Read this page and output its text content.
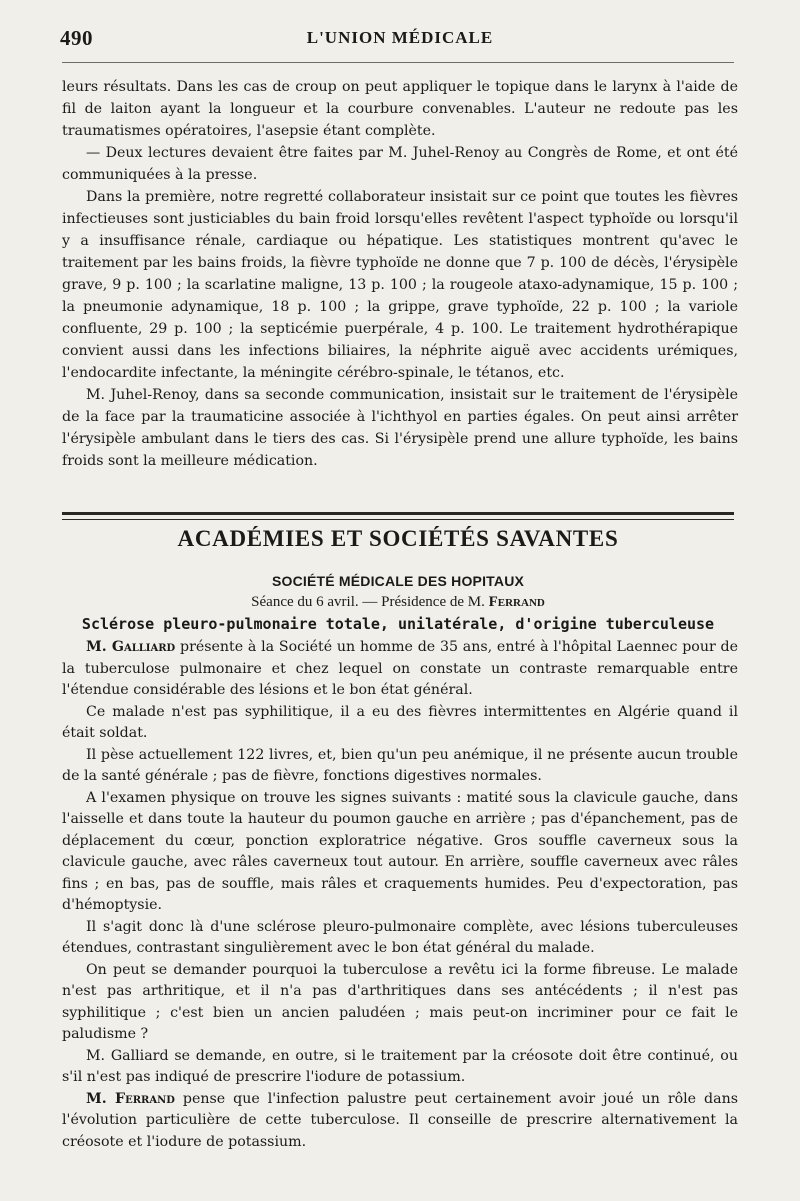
490	L'UNION MÉDICALE

leurs résultats. Dans les cas de croup on peut appliquer le topique dans le larynx à l'aide de fil de laiton ayant la longueur et la courbure convenables. L'auteur ne redoute pas les traumatismes opératoires, l'asepsie étant complète.

— Deux lectures devaient être faites par M. Juhel-Renoy au Congrès de Rome, et ont été communiquées à la presse.

Dans la première, notre regretté collaborateur insistait sur ce point que toutes les fièvres infectieuses sont justiciables du bain froid lorsqu'elles revêtent l'aspect typhoïde ou lorsqu'il y a insuffisance rénale, cardiaque ou hépatique. Les statistiques montrent qu'avec le traitement par les bains froids, la fièvre typhoïde ne donne que 7 p. 100 de décès, l'érysipèle grave, 9 p. 100 ; la scarlatine maligne, 13 p. 100 ; la rougeole ataxo-adynamique, 15 p. 100 ; la pneumonie adynamique, 18 p. 100 ; la grippe, grave typhoïde, 22 p. 100 ; la variole confluente, 29 p. 100 ; la septicémie puerpérale, 4 p. 100. Le traitement hydrothérapique convient aussi dans les infections biliaires, la néphrite aiguë avec accidents urémiques, l'endocardite infectante, la méningite cérébro-spinale, le tétanos, etc.

M. Juhel-Renoy, dans sa seconde communication, insistait sur le traitement de l'érysipèle de la face par la traumaticine associée à l'ichthyol en parties égales. On peut ainsi arrêter l'érysipèle ambulant dans le tiers des cas. Si l'érysipèle prend une allure typhoïde, les bains froids sont la meilleure médication.

ACADÉMIES ET SOCIÉTÉS SAVANTES
SOCIÉTÉ MÉDICALE DES HOPITAUX
Séance du 6 avril. — Présidence de M. Ferrand
Sclérose pleuro-pulmonaire totale, unilatérale, d'origine tuberculeuse

M. Galliard présente à la Société un homme de 35 ans, entré à l'hôpital Laennec pour de la tuberculose pulmonaire et chez lequel on constate un contraste remarquable entre l'étendue considérable des lésions et le bon état général.

Ce malade n'est pas syphilitique, il a eu des fièvres intermittentes en Algérie quand il était soldat.

Il pèse actuellement 122 livres, et, bien qu'un peu anémique, il ne présente aucun trouble de la santé générale ; pas de fièvre, fonctions digestives normales.

A l'examen physique on trouve les signes suivants : matité sous la clavicule gauche, dans l'aisselle et dans toute la hauteur du poumon gauche en arrière ; pas d'épanchement, pas de déplacement du cœur, ponction exploratrice négative. Gros souffle caverneux sous la clavicule gauche, avec râles caverneux tout autour. En arrière, souffle caverneux avec râles fins ; en bas, pas de souffle, mais râles et craquements humides. Peu d'expectoration, pas d'hémoptysie.

Il s'agit donc là d'une sclérose pleuro-pulmonaire complète, avec lésions tuberculeuses étendues, contrastant singulièrement avec le bon état général du malade.

On peut se demander pourquoi la tuberculose a revêtu ici la forme fibreuse. Le malade n'est pas arthritique, et il n'a pas d'arthritiques dans ses antécédents ; il n'est pas syphilitique ; c'est bien un ancien paludéen ; mais peut-on incriminer pour ce fait le paludisme ?

M. Galliard se demande, en outre, si le traitement par la créosote doit être continué, ou s'il n'est pas indiqué de prescrire l'iodure de potassium.

M. Ferrand pense que l'infection palustre peut certainement avoir joué un rôle dans l'évolution particulière de cette tuberculose. Il conseille de prescrire alternativement la créosote et l'iodure de potassium.
